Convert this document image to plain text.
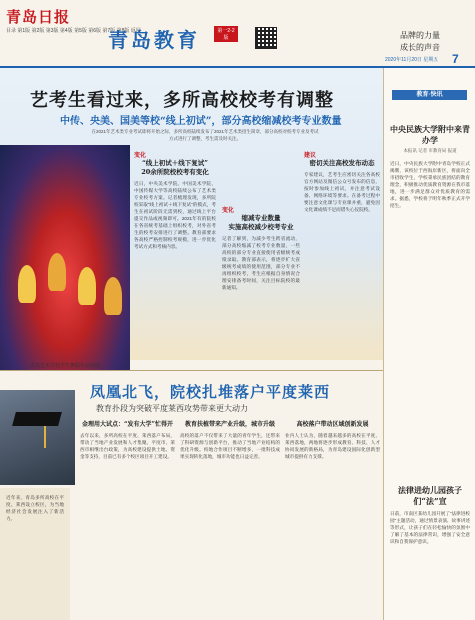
青岛日报
目录 第1版 第2版 第3版 第4版 第5版 第6版 第7版 第8版 返回
青岛教育	第一2-2版	品牌的力量
成长的声音
2020年11月20日 星期五 7
艺考生看过来，多所高校校考有调整
中传、央美、国美等校“线上初试”，部分高校缩减校考专业数量
在2021年艺术类专业考试即将开始之际，多所高校陆续发布了2021年艺术类招生简章，部分高校对校考专业及考试方式进行了调整，考生需及时关注。
青岛艺术学校学生舞蹈作品展演。
变化
“线上初试＋线下复试”
20余所院校校考有变化
近日，中央美术学院、中国美术学院、中国传媒大学等高校陆续公布了艺术类专业校考方案。记者梳理发现，多所院校采取“线上初试＋线下复试”的模式，考生在初试阶段无需到校，通过线上平台提交作品或视频即可。2021年有的院校在各省统考基础上组织校考，对外省考生的校考安排进行了调整。教育部要求各高校严格控制校考规模，进一步优化考试方式和考核内容。
变化
缩减专业数量
实施高校减少校考专业
记者了解到，为减少考生跨省流动，部分高校缩减了校考专业数量，一些高校的部分专业直接使用省级统考成绩录取。教育部表示，将逐步扩大省级统考成绩的使用范围，部分专业不再组织校考，考生应根据自身情况合理安排备考时间，关注目标院校的最新通知。
建议
密切关注高校发布动态
专家建议，艺考生应密切关注各高校官方网站及微信公众号发布的信息，按时参加线上初试，并注意考试设备、网络环境等要求。在备考过程中要注意文化课与专业课并重，避免因文化课成绩不足而错失心仪院校。
教育·快讯
中央民族大学附中来青办学
本报讯 记者 市教育局 报道
近日，中央民族大学附中青岛学校正式揭牌，该校位于西海岸新区，将面向全市招收学生，学校秉承民族团结的教育理念，积极推动优质教育资源在我市落地，进一步满足群众对优质教育的需求。据悉，学校将于明年秋季正式开学招生。
法律进幼儿园孩子们“法”宣
日前，市南区某幼儿园开展了“法律进校园”主题活动，通过情景表演、故事讲述等形式，让孩子们在轻松愉快的氛围中了解了基本的法律常识，增强了安全意识和自我保护意识。
凤凰北飞，院校扎堆落户平度莱西
教育扑段为突破平度莱西攻势带来更大动力
近年来，青岛多所高校在平度、莱西设立校区，为当地经济社会发展注入了新活力。
金理用大试点：“发有大学”忙得开
去年以来，多所高校在平度、莱西落户布局，带动了当地产业发展和人才集聚。平度市、莱西市相继出台政策，为高校建设提供土地、资金等支持，目前已有多个校区项目开工建设。
教育扶植带来产业升级，城市升级
高校的落户不仅带来了大量的青年学生，还带来了科研资源与创新平台，推动了当地产业结构的优化升级。校地合作项目不断增多，一批科技成果实现转化落地，城市功能也日益完善。
高校落户带动区域创新发展
业内人士认为，随着越来越多的高校在平度、莱西落地，两地将逐步形成教育、科技、人才协同发展的新格局，为青岛建设国际化创新型城市提供有力支撑。
